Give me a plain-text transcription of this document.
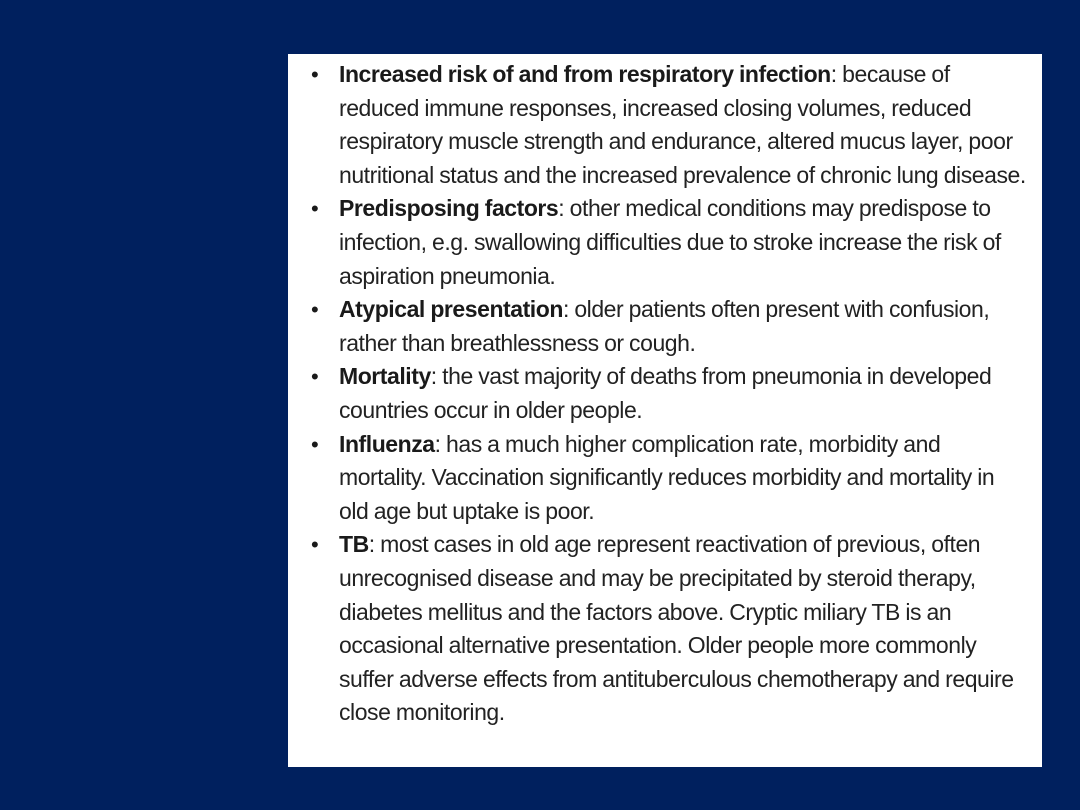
• Increased risk of and from respiratory infection: because of reduced immune responses, increased closing volumes, reduced respiratory muscle strength and endurance, altered mucus layer, poor nutritional status and the increased prevalence of chronic lung disease.
• Predisposing factors: other medical conditions may predispose to infection, e.g. swallowing difficulties due to stroke increase the risk of aspiration pneumonia.
• Atypical presentation: older patients often present with confusion, rather than breathlessness or cough.
• Mortality: the vast majority of deaths from pneumonia in developed countries occur in older people.
• Influenza: has a much higher complication rate, morbidity and mortality. Vaccination significantly reduces morbidity and mortality in old age but uptake is poor.
• TB: most cases in old age represent reactivation of previous, often unrecognised disease and may be precipitated by steroid therapy, diabetes mellitus and the factors above. Cryptic miliary TB is an occasional alternative presentation. Older people more commonly suffer adverse effects from antituberculous chemotherapy and require close monitoring.
